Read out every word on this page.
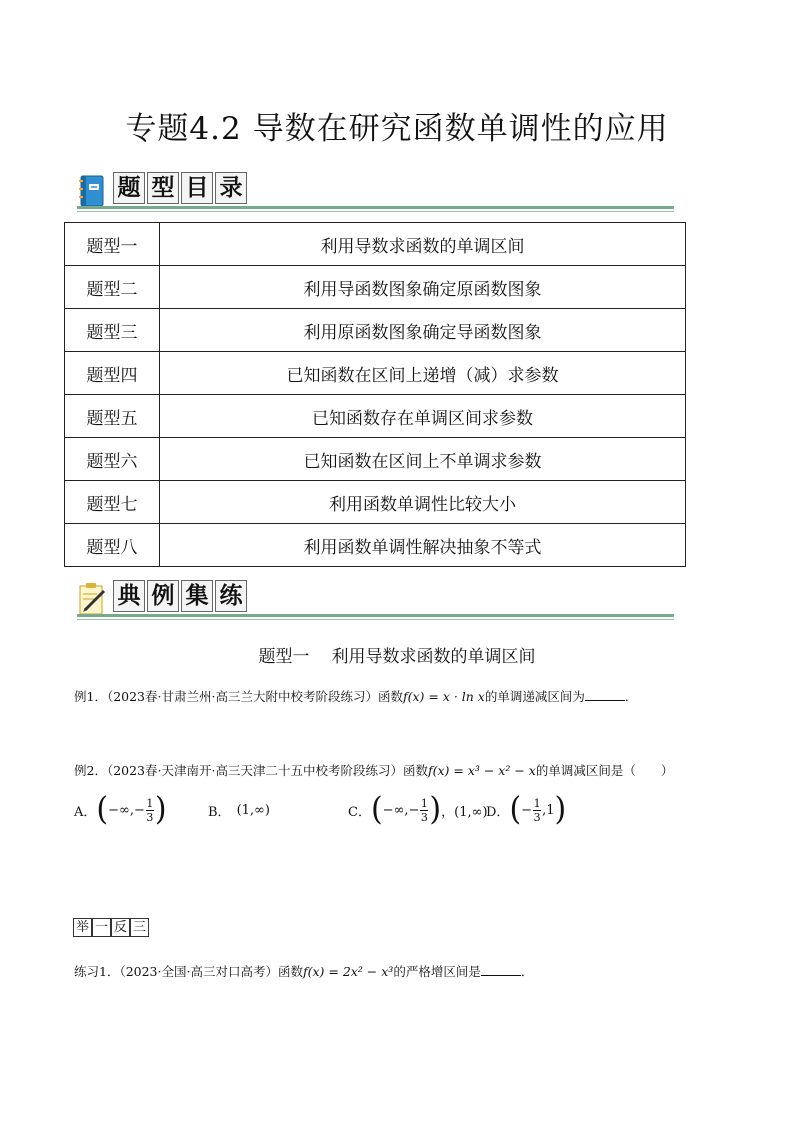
专题4.2 导数在研究函数单调性的应用
题 型 目 录
题型一	利用导数求函数的单调区间
题型二	利用导函数图象确定原函数图象
题型三	利用原函数图象确定导函数图象
题型四	已知函数在区间上递增（减）求参数
题型五	已知函数存在单调区间求参数
题型六	已知函数在区间上不单调求参数
题型七	利用函数单调性比较大小
题型八	利用函数单调性解决抽象不等式
典 例 集 练
题型一 利用导数求函数的单调区间
例1．（2023春·甘肃兰州·高三兰大附中校考阶段练习）函数f(x) = x · ln x的单调递减区间为	．
例2．（2023春·天津南开·高三天津二十五中校考阶段练习）函数f(x) = x³ − x² − x的单调减区间是（　　）
A． ( −∞,− $\frac{1}{3}$ )	B． (1,∞)	C． ( −∞,− $\frac{1}{3}$ ) ，(1,∞)
D． ( − $\frac{1}{3} ,1$ )
举 一 反 三
练习1．（2023·全国·高三对口高考）函数f(x) = 2x² − x³的严格增区间是	．
